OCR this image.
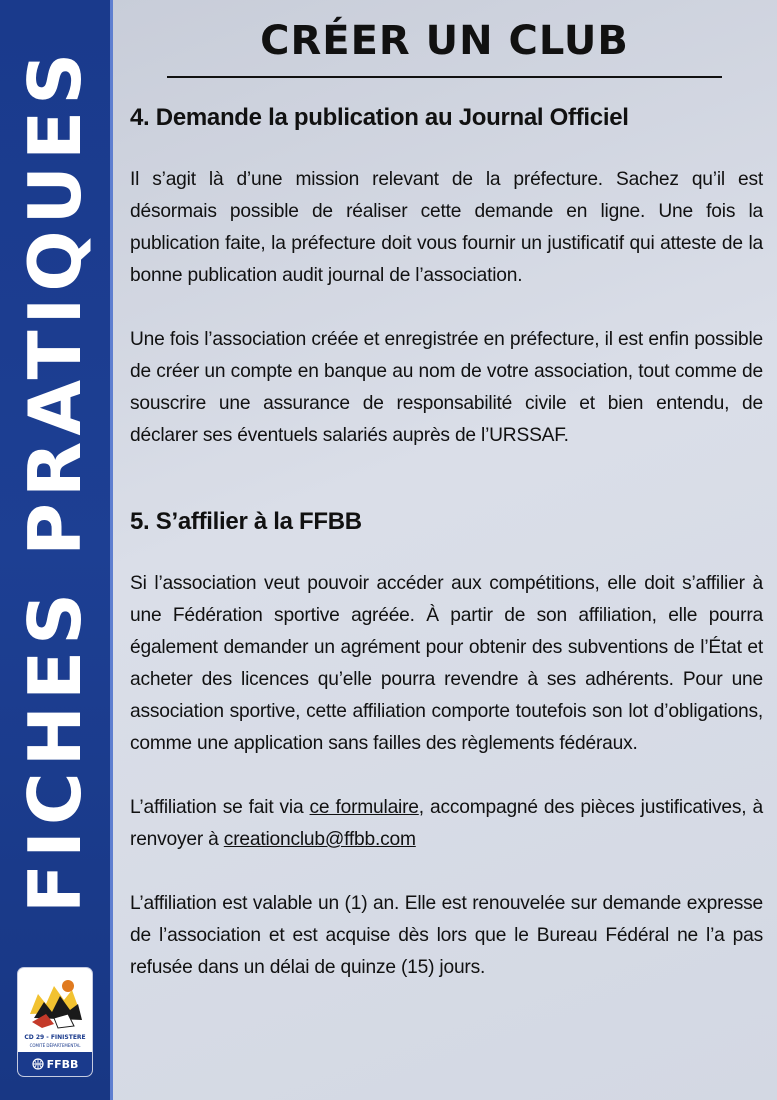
FICHES PRATIQUES
CD 29 - FINISTERE
COMITÉ DÉPARTEMENTAL
FFBB
CRÉER UN CLUB
4. Demande la publication au Journal Officiel

Il s’agit là d’une mission relevant de la préfecture. Sachez qu’il est désormais possible de réaliser cette demande en ligne. Une fois la publication faite, la préfecture doit vous fournir un justificatif qui atteste de la bonne publication audit journal de l’association.

Une fois l’association créée et enregistrée en préfecture, il est enfin possible de créer un compte en banque au nom de votre association, tout comme de souscrire une assurance de responsabilité civile et bien entendu, de déclarer ses éventuels salariés auprès de l’URSSAF.

5. S’affilier à la FFBB

Si l’association veut pouvoir accéder aux compétitions, elle doit s’affilier à une Fédération sportive agréée. À partir de son affiliation, elle pourra également demander un agrément pour obtenir des subventions de l’État et acheter des licences qu’elle pourra revendre à ses adhérents. Pour une association sportive, cette affiliation comporte toutefois son lot d’obligations, comme une application sans failles des règlements fédéraux.

L’affiliation se fait via ce formulaire, accompagné des pièces justificatives, à renvoyer à creationclub@ffbb.com

L’affiliation est valable un (1) an. Elle est renouvelée sur demande expresse de l’association et est acquise dès lors que le Bureau Fédéral ne l’a pas refusée dans un délai de quinze (15) jours.
